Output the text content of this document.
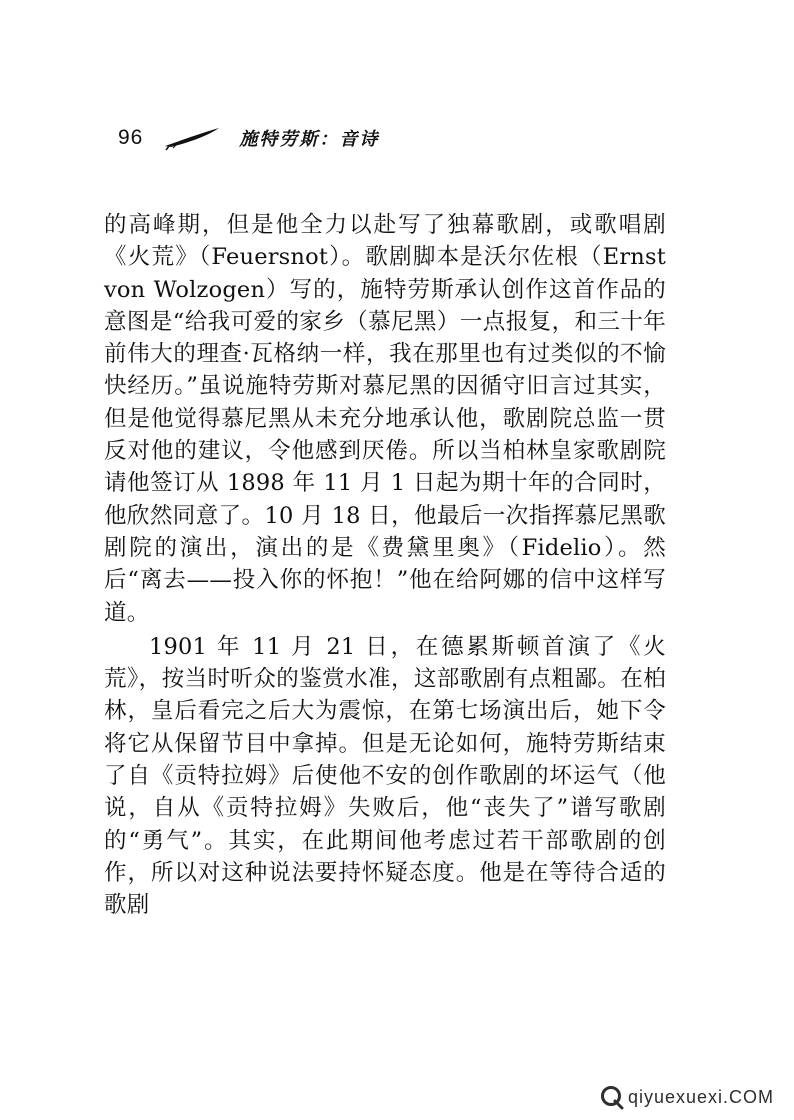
96	施特劳斯：音诗

的高峰期，但是他全力以赴写了独幕歌剧，或歌唱剧《火荒》（Feuersnot）。歌剧脚本是沃尔佐根（Ernst von Wolzogen）写的，施特劳斯承认创作这首作品的意图是“给我可爱的家乡（慕尼黑）一点报复，和三十年前伟大的理查·瓦格纳一样，我在那里也有过类似的不愉快经历。”虽说施特劳斯对慕尼黑的因循守旧言过其实，但是他觉得慕尼黑从未充分地承认他，歌剧院总监一贯反对他的建议，令他感到厌倦。所以当柏林皇家歌剧院请他签订从 1898 年 11 月 1 日起为期十年的合同时，他欣然同意了。10 月 18 日，他最后一次指挥慕尼黑歌剧院的演出，演出的是《费黛里奥》（Fidelio）。然后“离去——投入你的怀抱！”他在给阿娜的信中这样写道。

1901 年 11 月 21 日，在德累斯顿首演了《火荒》，按当时听众的鉴赏水准，这部歌剧有点粗鄙。在柏林，皇后看完之后大为震惊，在第七场演出后，她下令将它从保留节目中拿掉。但是无论如何，施特劳斯结束了自《贡特拉姆》后使他不安的创作歌剧的坏运气（他说，自从《贡特拉姆》失败后，他“丧失了”谱写歌剧的“勇气”。其实，在此期间他考虑过若干部歌剧的创作，所以对这种说法要持怀疑态度。他是在等待合适的歌剧

qiyuexuexi.COM
